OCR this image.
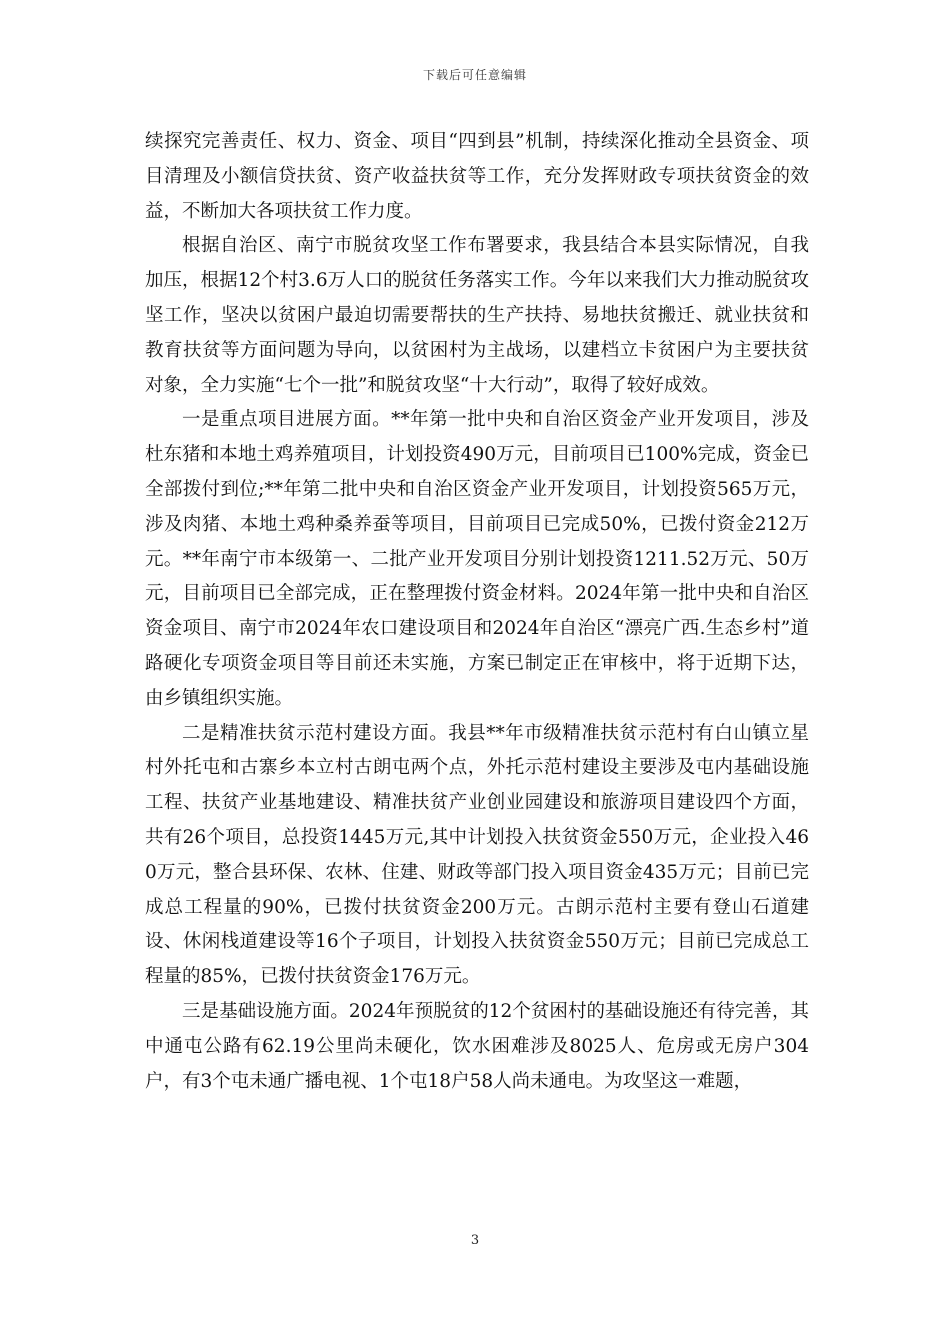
下载后可任意编辑

续探究完善责任、权力、资金、项目“四到县”机制，持续深化推动全县资金、项目清理及小额信贷扶贫、资产收益扶贫等工作，充分发挥财政专项扶贫资金的效益，不断加大各项扶贫工作力度。

根据自治区、南宁市脱贫攻坚工作布署要求，我县结合本县实际情况，自我加压，根据12个村3.6万人口的脱贫任务落实工作。今年以来我们大力推动脱贫攻坚工作，坚决以贫困户最迫切需要帮扶的生产扶持、易地扶贫搬迁、就业扶贫和教育扶贫等方面问题为导向，以贫困村为主战场，以建档立卡贫困户为主要扶贫对象，全力实施“七个一批”和脱贫攻坚“十大行动”，取得了较好成效。

一是重点项目进展方面。**年第一批中央和自治区资金产业开发项目，涉及杜东猪和本地土鸡养殖项目，计划投资490万元，目前项目已100%完成，资金已全部拨付到位;**年第二批中央和自治区资金产业开发项目，计划投资565万元，涉及肉猪、本地土鸡种桑养蚕等项目，目前项目已完成50%，已拨付资金212万元。**年南宁市本级第一、二批产业开发项目分别计划投资1211.52万元、50万元，目前项目已全部完成，正在整理拨付资金材料。2024年第一批中央和自治区资金项目、南宁市2024年农口建设项目和2024年自治区“漂亮广西.生态乡村”道路硬化专项资金项目等目前还未实施，方案已制定正在审核中，将于近期下达，由乡镇组织实施。

二是精准扶贫示范村建设方面。我县**年市级精准扶贫示范村有白山镇立星村外托屯和古寨乡本立村古朗屯两个点，外托示范村建设主要涉及屯内基础设施工程、扶贫产业基地建设、精准扶贫产业创业园建设和旅游项目建设四个方面，共有26个项目，总投资1445万元,其中计划投入扶贫资金550万元，企业投入460万元，整合县环保、农林、住建、财政等部门投入项目资金435万元；目前已完成总工程量的90%，已拨付扶贫资金200万元。古朗示范村主要有登山石道建设、休闲栈道建设等16个子项目，计划投入扶贫资金550万元；目前已完成总工程量的85%，已拨付扶贫资金176万元。

三是基础设施方面。2024年预脱贫的12个贫困村的基础设施还有待完善，其中通屯公路有62.19公里尚未硬化，饮水困难涉及8025人、危房或无房户304户，有3个屯未通广播电视、1个屯18户58人尚未通电。为攻坚这一难题，

3
